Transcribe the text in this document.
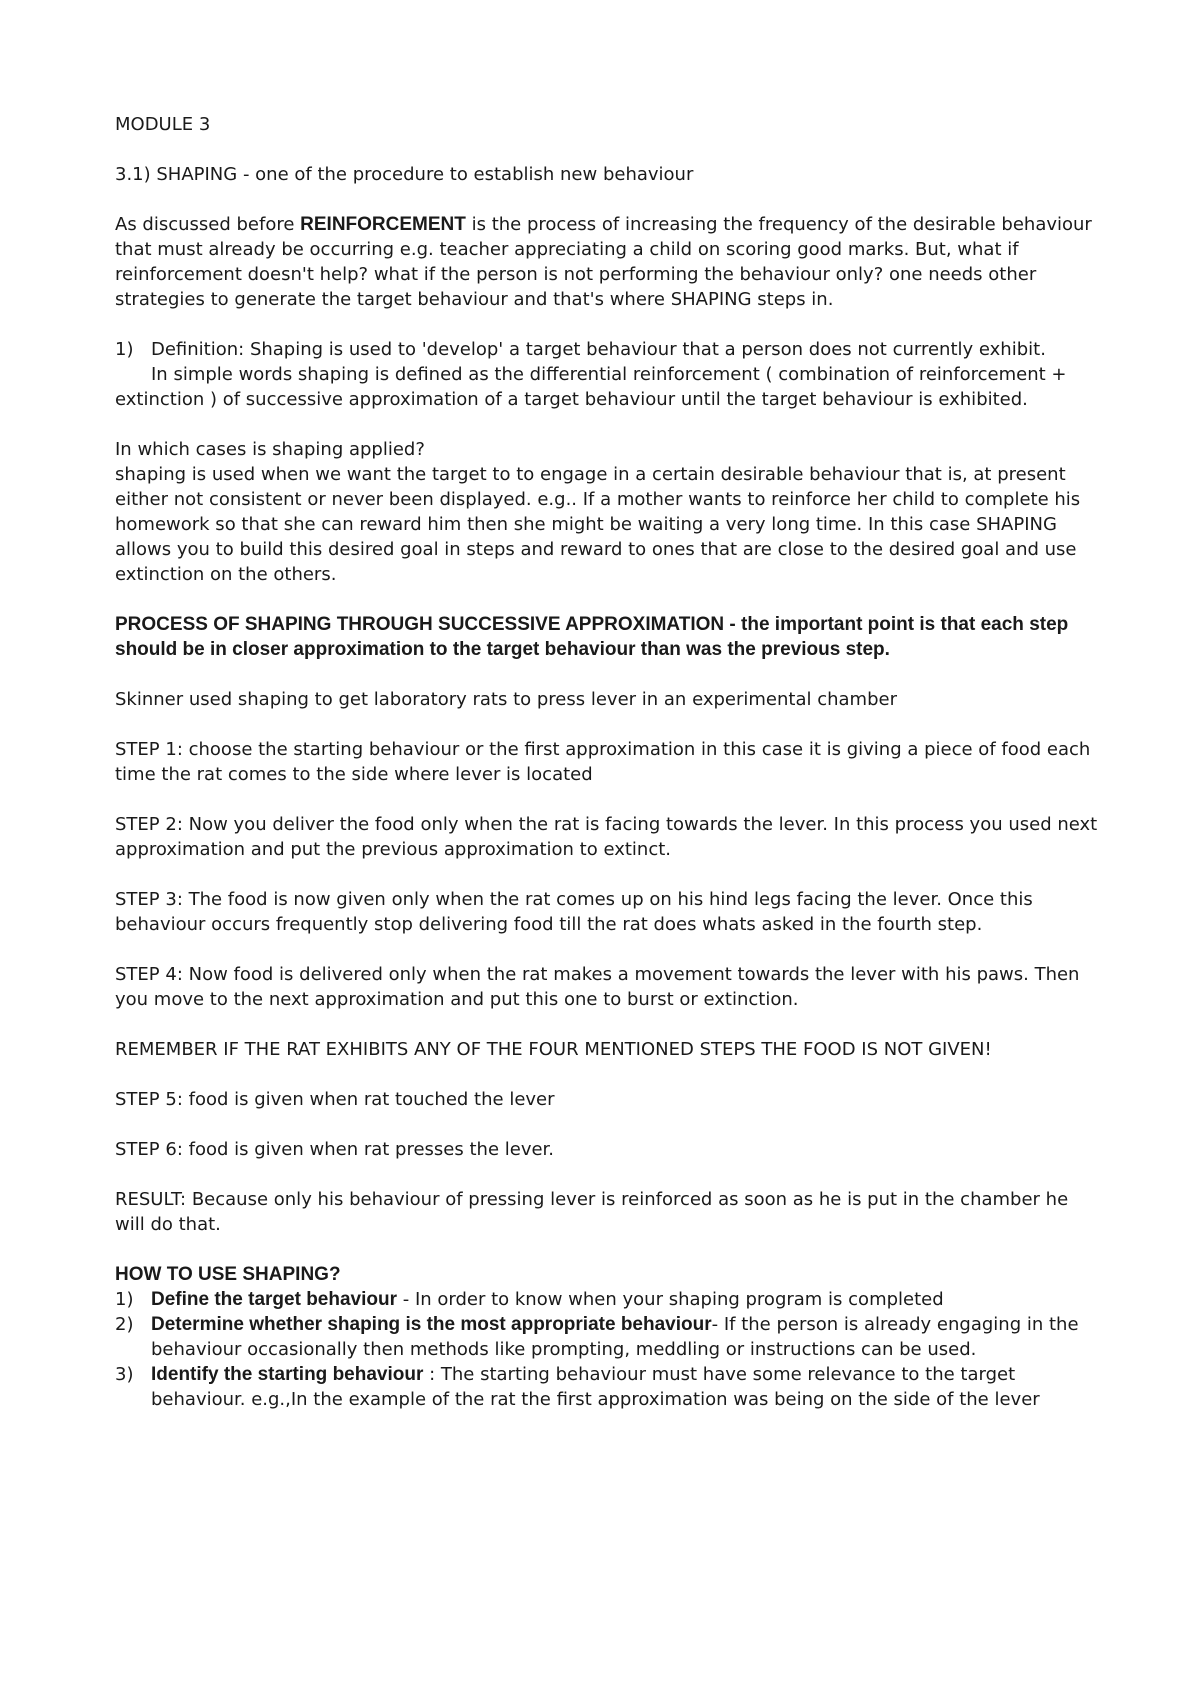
MODULE 3

3.1) SHAPING - one of the procedure to establish new behaviour

As discussed before REINFORCEMENT is the process of increasing the frequency of the desirable behaviour that must already be occurring e.g. teacher appreciating a child on scoring good marks. But, what if reinforcement doesn't help? what if the person is not performing the behaviour only? one needs other strategies to generate the target behaviour and that's where SHAPING steps in.

1) Definition: Shaping is used to 'develop' a target behaviour that a person does not currently exhibit.

In simple words shaping is defined as the differential reinforcement ( combination of reinforcement + extinction ) of successive approximation of a target behaviour until the target behaviour is exhibited.

In which cases is shaping applied?

shaping is used when we want the target to to engage in a certain desirable behaviour that is, at present either not consistent or never been displayed. e.g.. If a mother wants to reinforce her child to complete his homework so that she can reward him then she might be waiting a very long time. In this case SHAPING allows you to build this desired goal in steps and reward to ones that are close to the desired goal and use extinction on the others.

PROCESS OF SHAPING THROUGH SUCCESSIVE APPROXIMATION - the important point is that each step should be in closer approximation to the target behaviour than was the previous step.

Skinner used shaping to get laboratory rats to press lever in an experimental chamber

STEP 1: choose the starting behaviour or the first approximation in this case it is giving a piece of food each time the rat comes to the side where lever is located

STEP 2: Now you deliver the food only when the rat is facing towards the lever. In this process you used next approximation and put the previous approximation to extinct.

STEP 3: The food is now given only when the rat comes up on his hind legs facing the lever. Once this behaviour occurs frequently stop delivering food till the rat does whats asked in the fourth step.

STEP 4: Now food is delivered only when the rat makes a movement towards the lever with his paws. Then you move to the next approximation and put this one to burst or extinction.

REMEMBER IF THE RAT EXHIBITS ANY OF THE FOUR MENTIONED STEPS THE FOOD IS NOT GIVEN!

STEP 5: food is given when rat touched the lever

STEP 6: food is given when rat presses the lever.

RESULT: Because only his behaviour of pressing lever is reinforced as soon as he is put in the chamber he will do that.

HOW TO USE SHAPING?

1) Define the target behaviour - In order to know when your shaping program is completed
2) Determine whether shaping is the most appropriate behaviour- If the person is already engaging in the behaviour occasionally then methods like prompting, meddling or instructions can be used.
3) Identify the starting behaviour : The starting behaviour must have some relevance to the target behaviour. e.g.,In the example of the rat the first approximation was being on the side of the lever
